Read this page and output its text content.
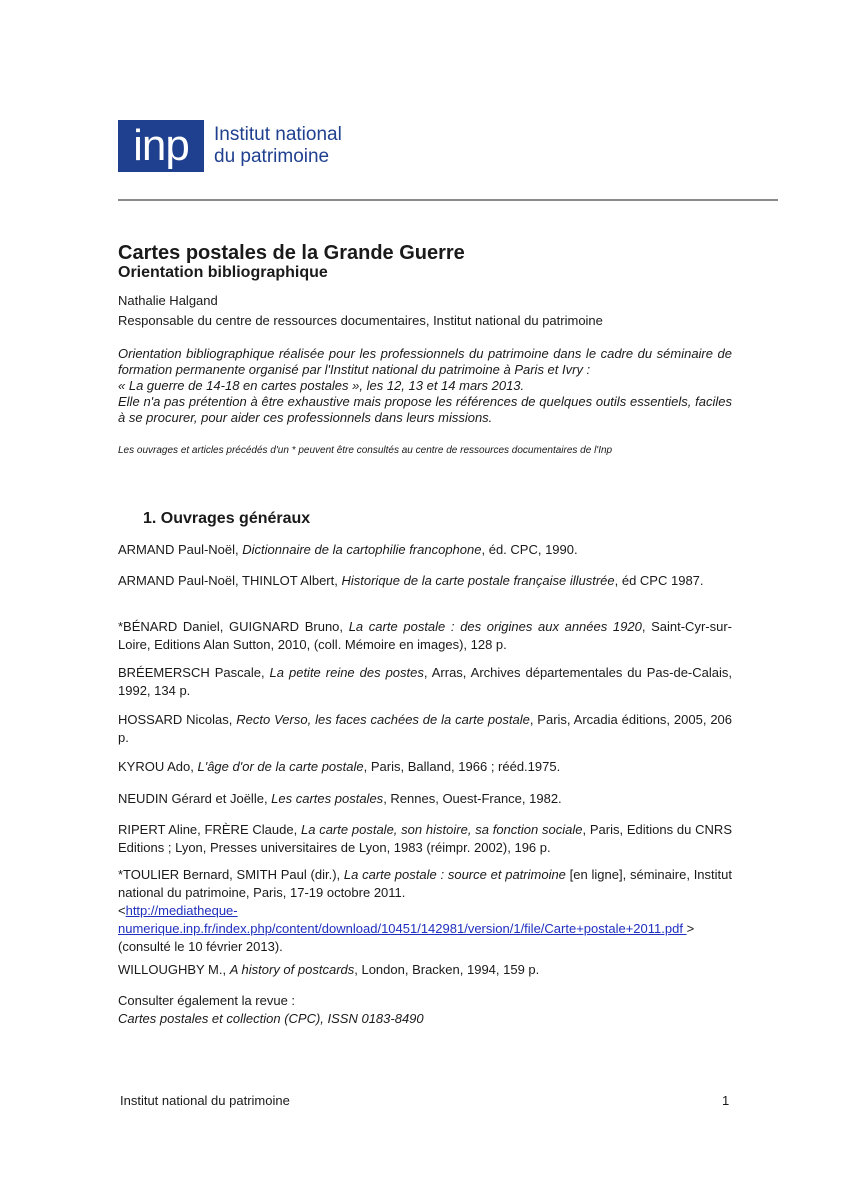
inp	Institut national
du patrimoine
Cartes postales de la Grande Guerre
Orientation bibliographique
Nathalie Halgand
Responsable du centre de ressources documentaires, Institut national du patrimoine
Orientation bibliographique réalisée pour les professionnels du patrimoine dans le cadre du séminaire de formation permanente organisé par l'Institut national du patrimoine à Paris et Ivry :
« La guerre de 14-18 en cartes postales », les 12, 13 et 14 mars 2013.
Elle n'a pas prétention à être exhaustive mais propose les références de quelques outils essentiels, faciles à se procurer, pour aider ces professionnels dans leurs missions.
Les ouvrages et articles précédés d'un * peuvent être consultés au centre de ressources documentaires de l'Inp
1. Ouvrages généraux
ARMAND Paul-Noël, Dictionnaire de la cartophilie francophone, éd. CPC, 1990.
ARMAND Paul-Noël, THINLOT Albert, Historique de la carte postale française illustrée, éd CPC 1987.
*BÉNARD Daniel, GUIGNARD Bruno, La carte postale : des origines aux années 1920, Saint-Cyr-sur-Loire, Editions Alan Sutton, 2010, (coll. Mémoire en images), 128 p.
BRÉEMERSCH Pascale, La petite reine des postes, Arras, Archives départementales du Pas-de-Calais, 1992, 134 p.
HOSSARD Nicolas, Recto Verso, les faces cachées de la carte postale, Paris, Arcadia éditions, 2005, 206 p.
KYROU Ado, L'âge d'or de la carte postale, Paris, Balland, 1966 ; rééd.1975.
NEUDIN Gérard et Joëlle, Les cartes postales, Rennes, Ouest-France, 1982.
RIPERT Aline, FRÈRE Claude, La carte postale, son histoire, sa fonction sociale, Paris, Editions du CNRS Editions ; Lyon, Presses universitaires de Lyon, 1983 (réimpr. 2002), 196 p.
*TOULIER Bernard, SMITH Paul (dir.), La carte postale : source et patrimoine [en ligne], séminaire, Institut national du patrimoine, Paris, 17-19 octobre 2011.
<http://mediatheque-numerique.inp.fr/index.php/content/download/10451/142981/version/1/file/Carte+postale+2011.pdf >
(consulté le 10 février 2013).
WILLOUGHBY M., A history of postcards, London, Bracken, 1994, 159 p.
Consulter également la revue :
Cartes postales et collection (CPC), ISSN 0183-8490
Institut national du patrimoine	1
